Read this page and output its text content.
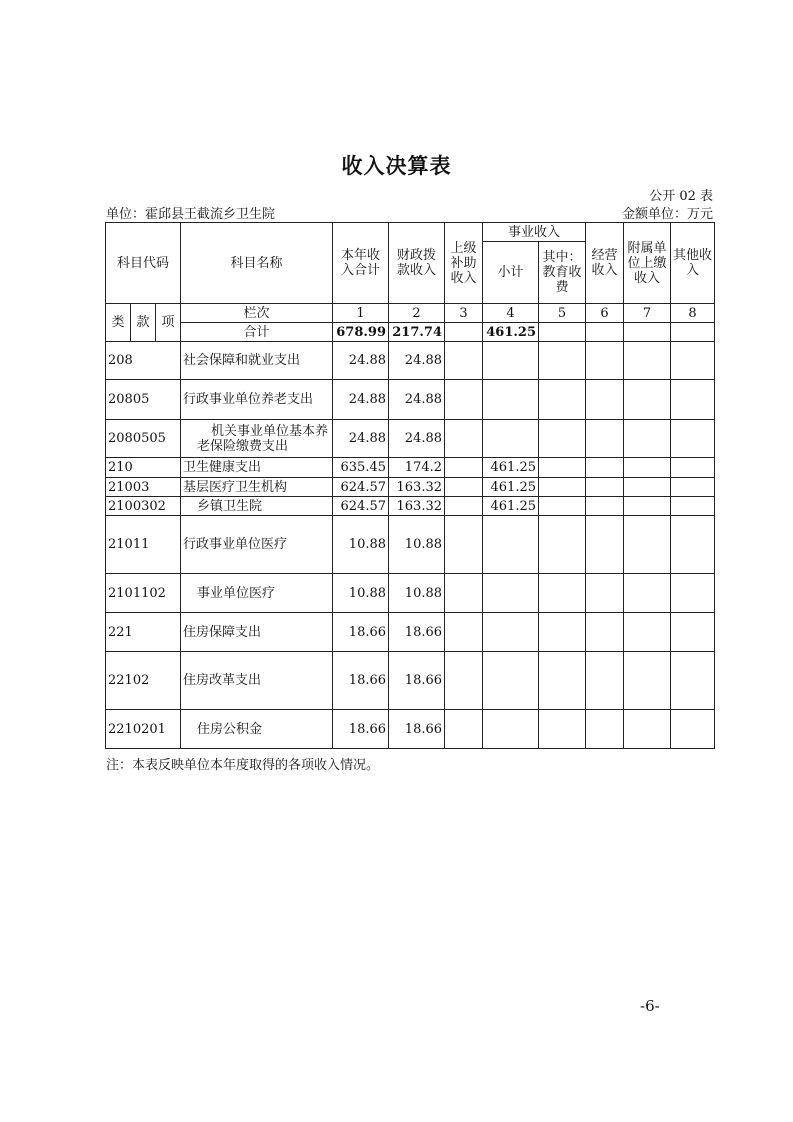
收入决算表
公开 02 表
单位：霍邱县王截流乡卫生院	金额单位：万元
科目代码			科目名称	本年收入合计	财政拨款收入	上级补助收入	事业收入		经营收入	附属单位上缴收入	其他收入
							小计	其中：教育收费			

类	款	项	栏次	1	2	3	4	5	6	7	8
			合计	678.99	217.74		461.25				
208			社会保障和就业支出	24.88	24.88						
20805			行政事业单位养老支出	24.88	24.88						
2080505			机关事业单位基本养老保险缴费支出	24.88	24.88						
210			卫生健康支出	635.45	174.2		461.25				
21003			基层医疗卫生机构	624.57	163.32		461.25				
2100302			乡镇卫生院	624.57	163.32		461.25				
21011			行政事业单位医疗	10.88	10.88						
2101102			事业单位医疗	10.88	10.88						
221			住房保障支出	18.66	18.66						
22102			住房改革支出	18.66	18.66						
2210201			住房公积金	18.66	18.66						
注：本表反映单位本年度取得的各项收入情况。
-6-
